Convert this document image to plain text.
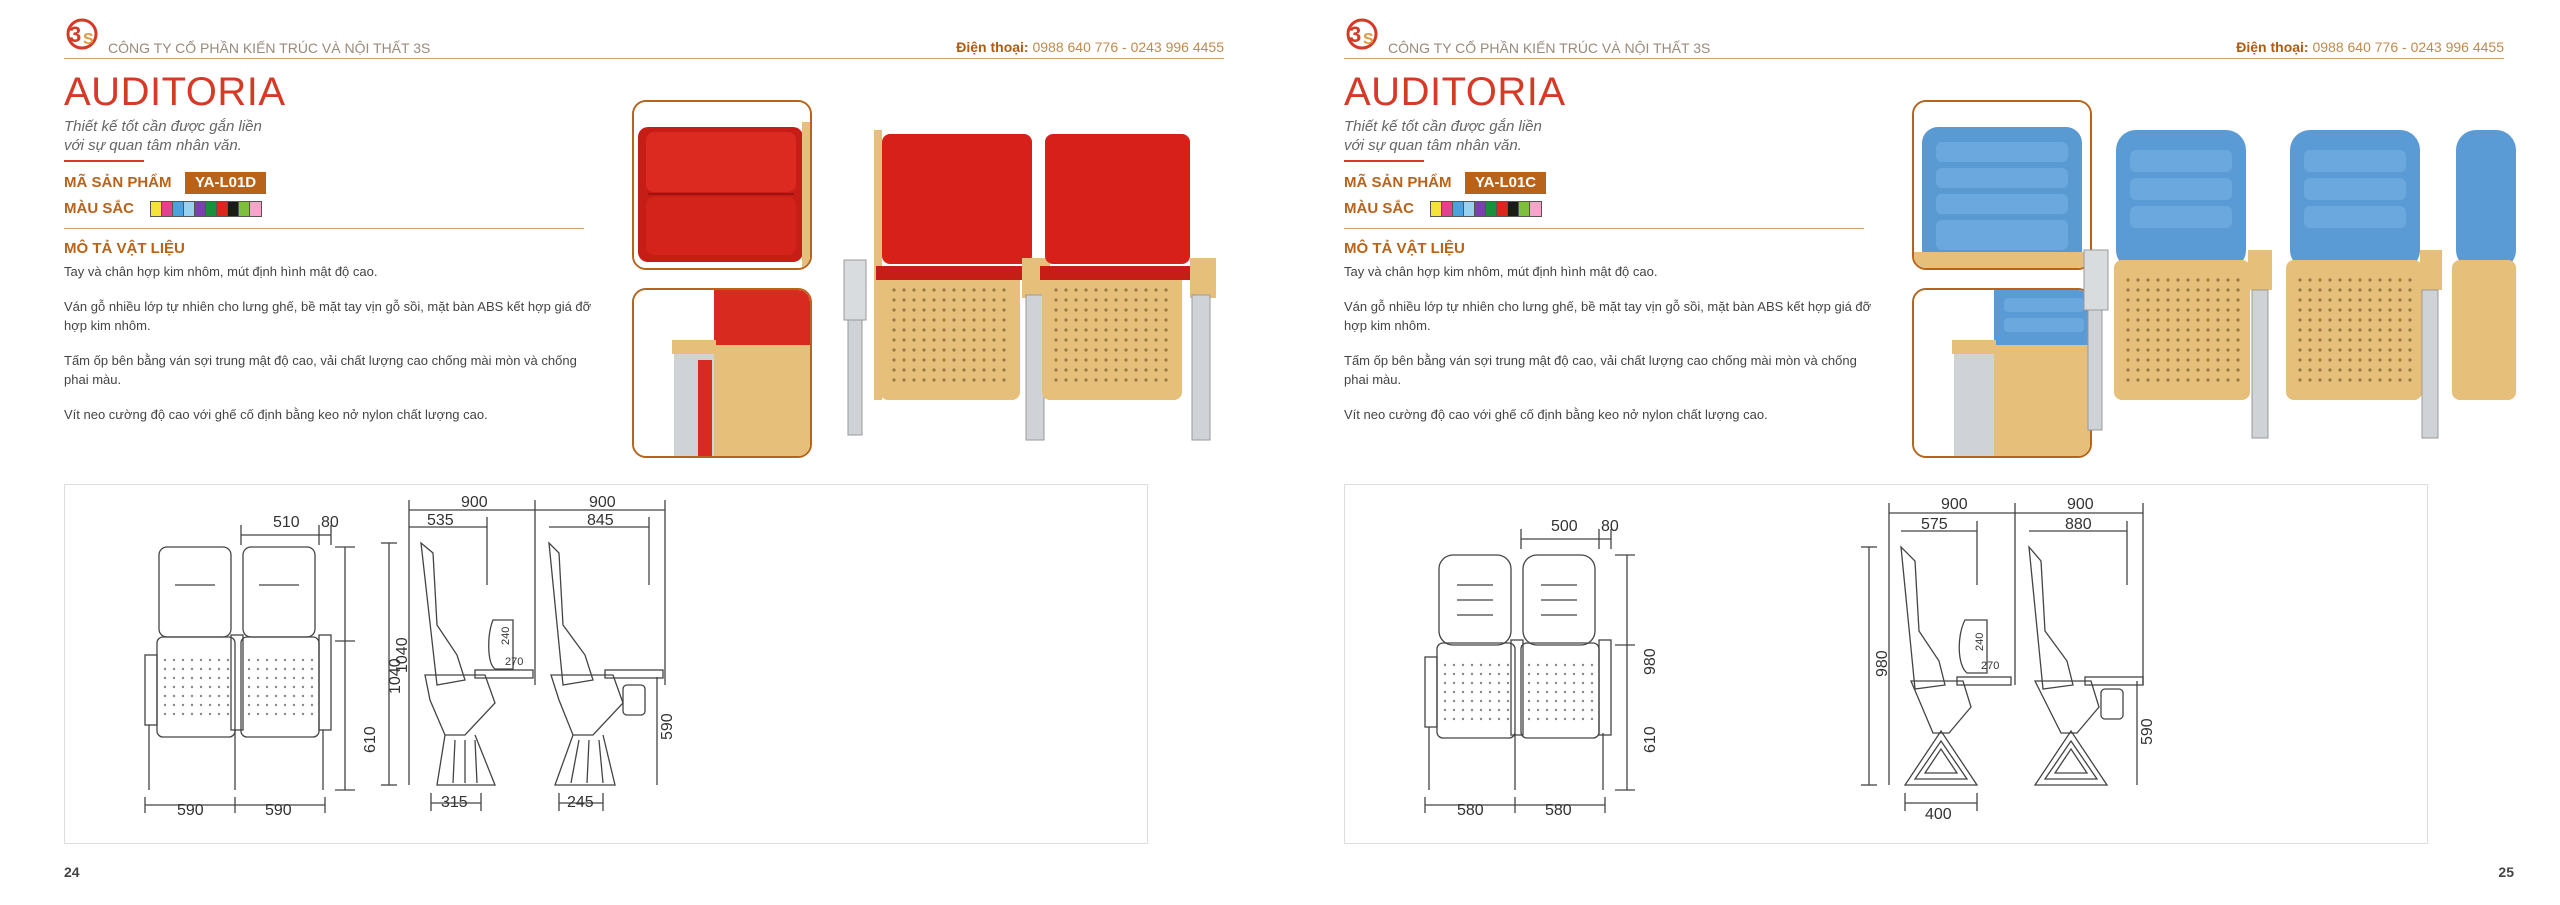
3 S CÔNG TY CỔ PHẦN KIẾN TRÚC VÀ NỘI THẤT 3S	Điện thoại: 0988 640 776 - 0243 996 4455
AUDITORIA
Thiết kế tốt cần được gắn liền
với sự quan tâm nhân văn.
MÃ SẢN PHẨM	YA-L01D
MÀU SẮC
MÔ TẢ VẬT LIỆU

Tay và chân hợp kim nhôm, mút định hình mật độ cao.

Ván gỗ nhiều lớp tự nhiên cho lưng ghế, bề mặt tay vịn gỗ sồi, mặt bàn ABS kết hợp giá đỡ hợp kim nhôm.

Tấm ốp bên bằng ván sợi trung mật độ cao, vải chất lượng cao chống mài mòn và chống phai màu.

Vít neo cường độ cao với ghế cố định bằng keo nở nylon chất lượng cao.

510 80
1040
610
590	590
900
535
1040
240
270
315
900
845
590
245
24
3 S CÔNG TY CỔ PHẦN KIẾN TRÚC VÀ NỘI THẤT 3S	Điện thoại: 0988 640 776 - 0243 996 4455
AUDITORIA
Thiết kế tốt cần được gắn liền
với sự quan tâm nhân văn.
MÃ SẢN PHẨM	YA-L01C
MÀU SẮC
MÔ TẢ VẬT LIỆU

Tay và chân hợp kim nhôm, mút định hình mật độ cao.

Ván gỗ nhiều lớp tự nhiên cho lưng ghế, bề mặt tay vịn gỗ sồi, mặt bàn ABS kết hợp giá đỡ hợp kim nhôm.

Tấm ốp bên bằng ván sợi trung mật độ cao, vải chất lượng cao chống mài mòn và chống phai màu.

Vít neo cường độ cao với ghế cố định bằng keo nở nylon chất lượng cao.

500 80
980
610
580	580
900
575
980
240
270
400
900
880
590
25
